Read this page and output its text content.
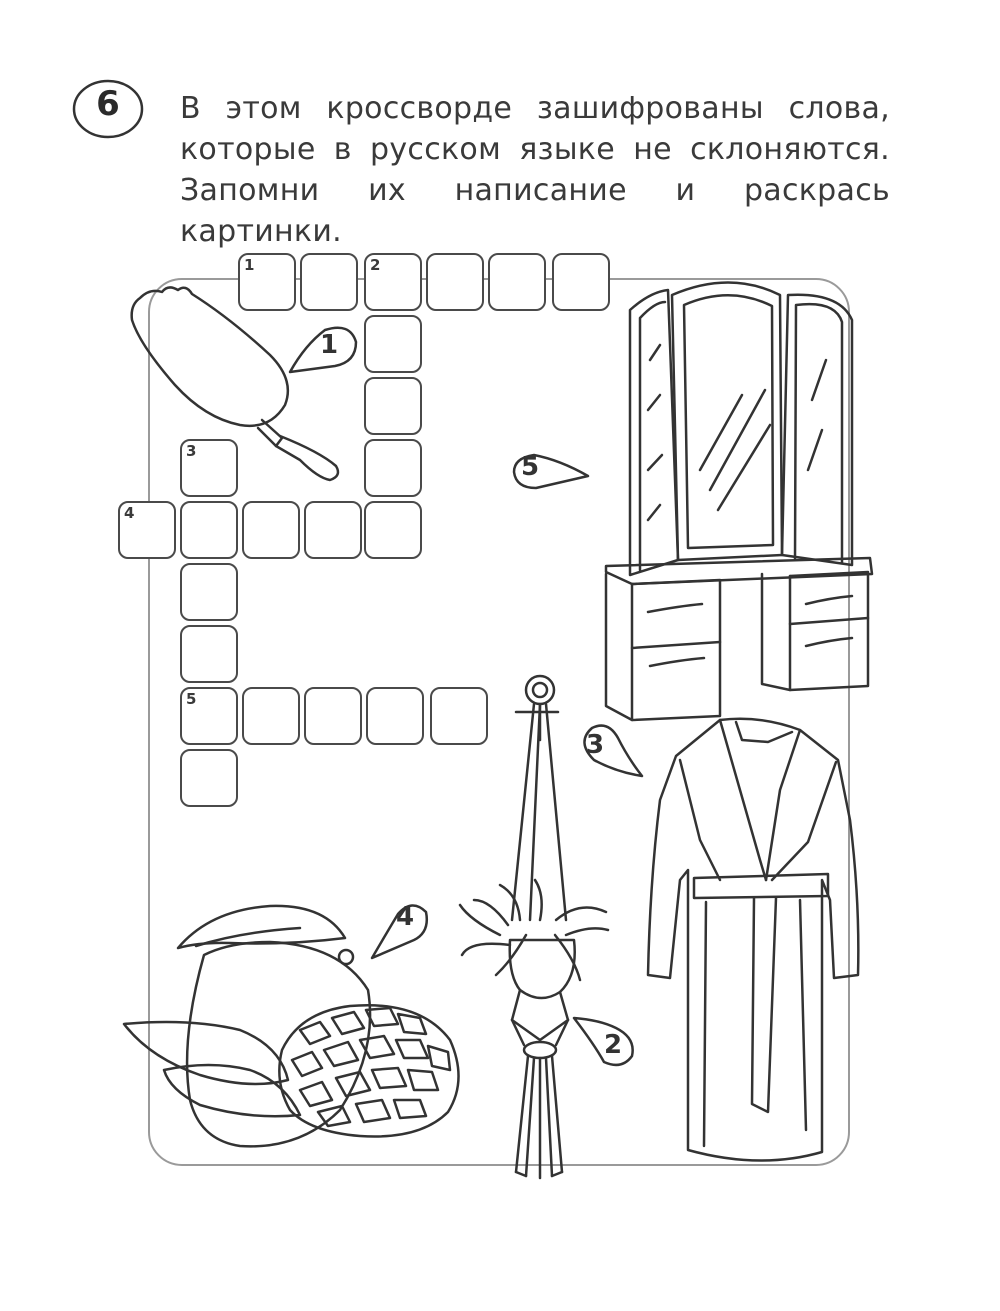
6	В этом кроссворде зашифрованы слова,
которые в русском языке не склоняются.
Запомни их написание и раскрась картинки.
1
2
3
4
5
1	2
3
4
5
